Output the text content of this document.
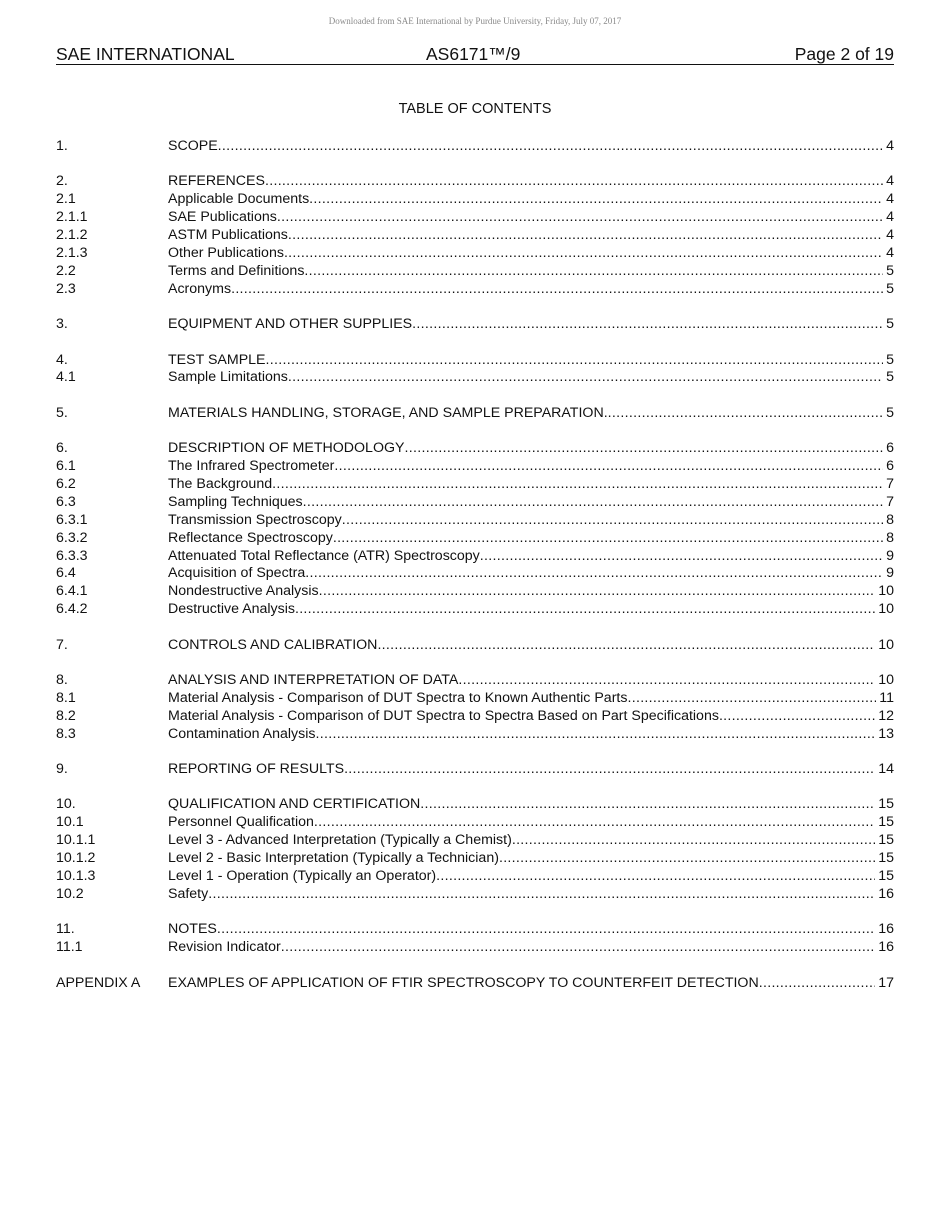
Downloaded from SAE International by Purdue University, Friday, July 07, 2017
SAE INTERNATIONAL	AS6171™/9	Page 2 of 19
TABLE OF CONTENTS
1.	SCOPE .....	4
2.	REFERENCES .....	4
2.1	Applicable Documents .....	4
2.1.1	SAE Publications .....	4
2.1.2	ASTM Publications .....	4
2.1.3	Other Publications .....	4
2.2	Terms and Definitions .....	5
2.3	Acronyms .....	5
3.	EQUIPMENT AND OTHER SUPPLIES .....	5
4.	TEST SAMPLE .....	5
4.1	Sample Limitations .....	5
5.	MATERIALS HANDLING, STORAGE, AND SAMPLE PREPARATION. .....	5
6.	DESCRIPTION OF METHODOLOGY .....	6
6.1	The Infrared Spectrometer .....	6
6.2	The Background .....	7
6.3	Sampling Techniques .....	7
6.3.1	Transmission Spectroscopy .....	8
6.3.2	Reflectance Spectroscopy .....	8
6.3.3	Attenuated Total Reflectance (ATR) Spectroscopy .....	9
6.4	Acquisition of Spectra .....	9
6.4.1	Nondestructive Analysis .....	10
6.4.2	Destructive Analysis .....	10
7.	CONTROLS AND CALIBRATION .....	10
8.	ANALYSIS AND INTERPRETATION OF DATA .....	10
8.1	Material Analysis - Comparison of DUT Spectra to Known Authentic Parts .....	11
8.2	Material Analysis - Comparison of DUT Spectra to Spectra Based on Part Specifications .....	12
8.3	Contamination Analysis .....	13
9.	REPORTING OF RESULTS .....	14
10.	QUALIFICATION AND CERTIFICATION .....	15
10.1	Personnel Qualification .....	15
10.1.1	Level 3 - Advanced Interpretation (Typically a Chemist) .....	15
10.1.2	Level 2 - Basic Interpretation (Typically a Technician) .....	15
10.1.3	Level 1 - Operation (Typically an Operator) .....	15
10.2	Safety .....	16
11.	NOTES .....	16
11.1	Revision Indicator .....	16
APPENDIX A EXAMPLES OF APPLICATION OF FTIR SPECTROSCOPY TO COUNTERFEIT DETECTION .....	17
